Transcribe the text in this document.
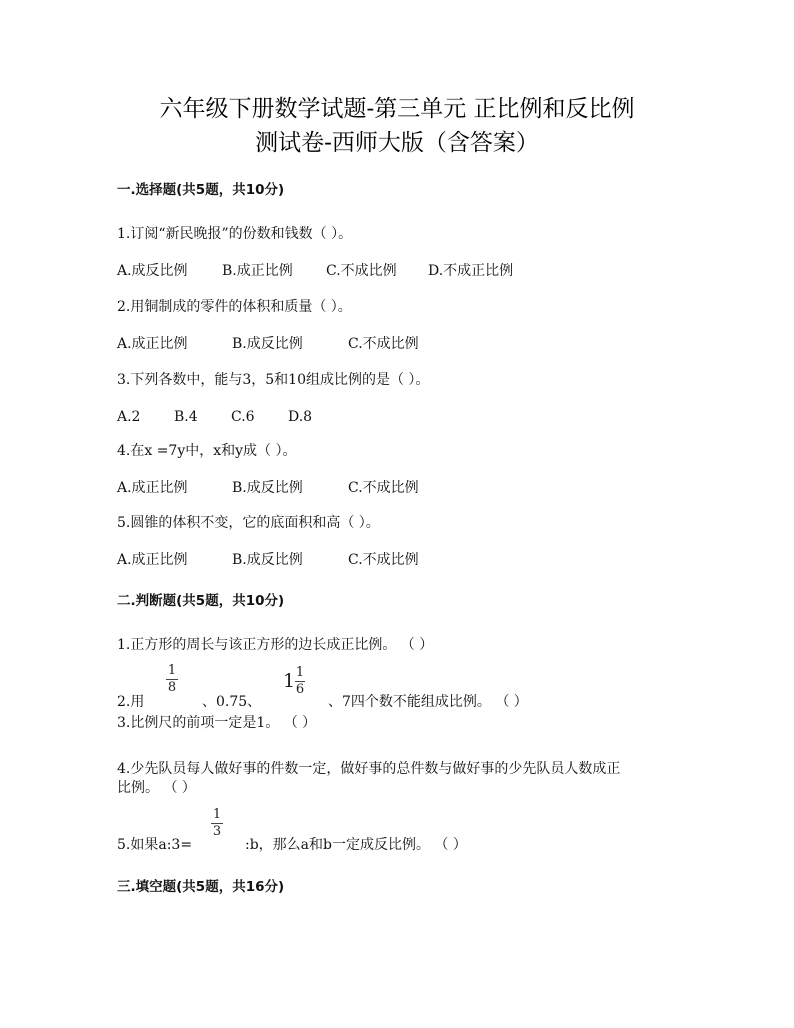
六年级下册数学试题-第三单元 正比例和反比例
测试卷-西师大版（含答案）
一.选择题(共5题，共10分)
1.订阅“新民晚报”的份数和钱数（ ）。
A.成反比例 B.成正比例 C.不成比例 D.不成正比例
2.用铜制成的零件的体积和质量（ ）。
A.成正比例	B.成反比例	C.不成比例
3.下列各数中，能与3，5和10组成比例的是（ ）。
A.2 B.4 C.6 D.8
4.在x =7y中，x和y成（ ）。
A.成正比例	B.成反比例	C.不成比例
5.圆锥的体积不变，它的底面积和高（ ）。
A.成正比例	B.成反比例	C.不成比例
二.判断题(共5题，共10分)
1.正方形的周长与该正方形的边长成正比例。 （ ）
2.用
1
8
、0.75、
1 1
6
、7四个数不能组成比例。 （ ）
3.比例尺的前项一定是1。 （ ）
4.少先队员每人做好事的件数一定，做好事的总件数与做好事的少先队员人数成正
比例。 （ ）
5.如果a:3=
1
3
:b，那么a和b一定成反比例。 （ ）
三.填空题(共5题，共16分)
